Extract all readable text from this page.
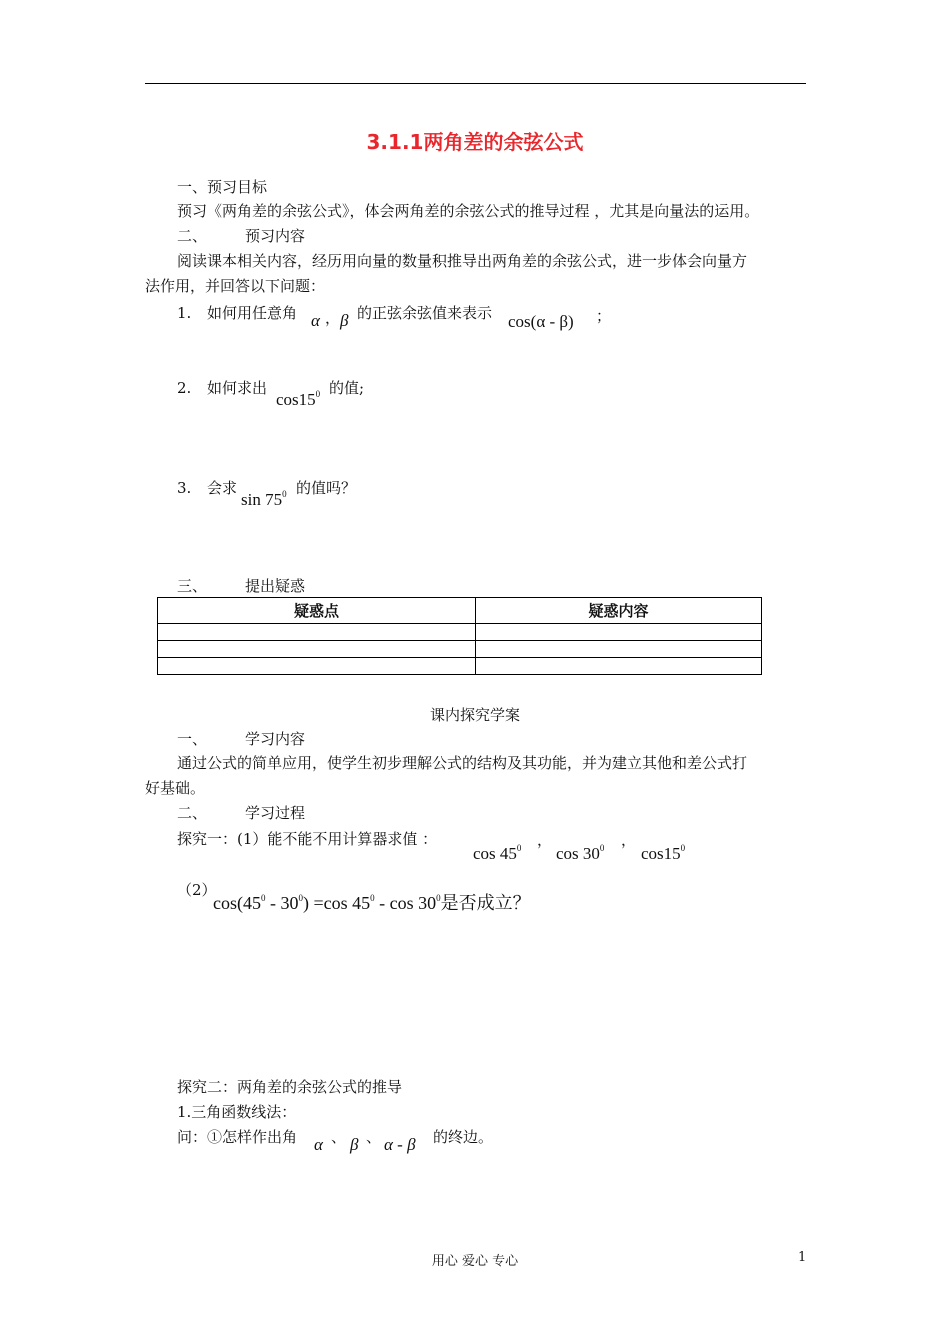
3.1.1两角差的余弦公式
一、预习目标
预习《两角差的余弦公式》，体会两角差的余弦公式的推导过程 ，尤其是向量法的运用。
二、	预习内容
阅读课本相关内容，经历用向量的数量积推导出两角差的余弦公式，进一步体会向量方
法作用，并回答以下问题：
1. 如何用任意角 α ， β 的正弦余弦值来表示 cos(α - β) ；
2. 如何求出
$\cos 15^0$ 的值;
3. 会求
$\sin 75^0$ 的值吗？
三、	提出疑惑
疑惑点	疑惑内容

课内探究学案
一、	学习内容
通过公式的简单应用，使学生初步理解公式的结构及其功能，并为建立其他和差公式打
好基础。
二、	学习过程
探究一：(1）能不能不用计算器求值 ：
$\cos 45^0$ ，
$\cos 30^0$ ，
$\cos 15^0$
（2）
$\cos(45^0 - 30^0) =\cos$ $45^0$ - $\cos 30^0$是否成立？
探究二：两角差的余弦公式的推导
1.三角函数线法：
问：①怎样作出角 α 、 β 、 α - β 的终边。
用心 爱心 专心	1
